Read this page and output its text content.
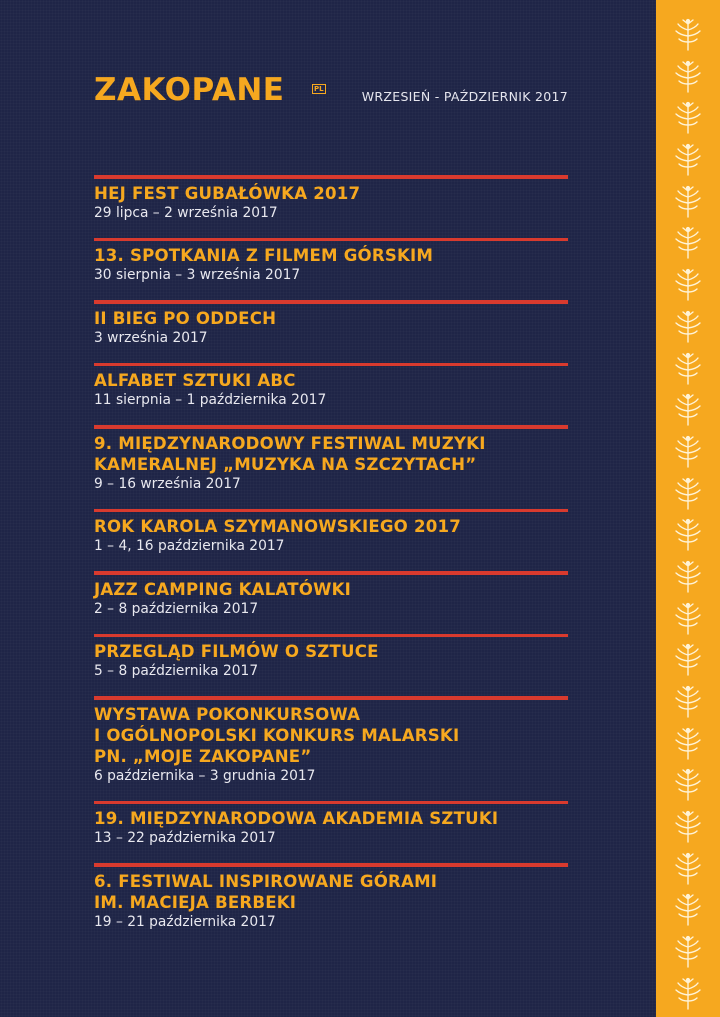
ZAKOPANE	PL	WRZESIEŃ - PAŹDZIERNIK 2017
HEJ FEST GUBAŁÓWKA 2017
29 lipca – 2 września 2017
13. SPOTKANIA Z FILMEM GÓRSKIM
30 sierpnia – 3 września 2017
II BIEG PO ODDECH
3 września 2017
ALFABET SZTUKI ABC
11 sierpnia – 1 października 2017
9. MIĘDZYNARODOWY FESTIWAL MUZYKI
KAMERALNEJ „MUZYKA NA SZCZYTACH”
9 – 16 września 2017
ROK KAROLA SZYMANOWSKIEGO 2017
1 – 4, 16 października 2017
JAZZ CAMPING KALATÓWKI
2 – 8 października 2017
PRZEGLĄD FILMÓW O SZTUCE
5 – 8 października 2017
WYSTAWA POKONKURSOWA
I OGÓLNOPOLSKI KONKURS MALARSKI
PN. „MOJE ZAKOPANE”
6 października – 3 grudnia 2017
19. MIĘDZYNARODOWA AKADEMIA SZTUKI
13 – 22 października 2017
6. FESTIWAL INSPIROWANE GÓRAMI
IM. MACIEJA BERBEKI
19 – 21 października 2017
